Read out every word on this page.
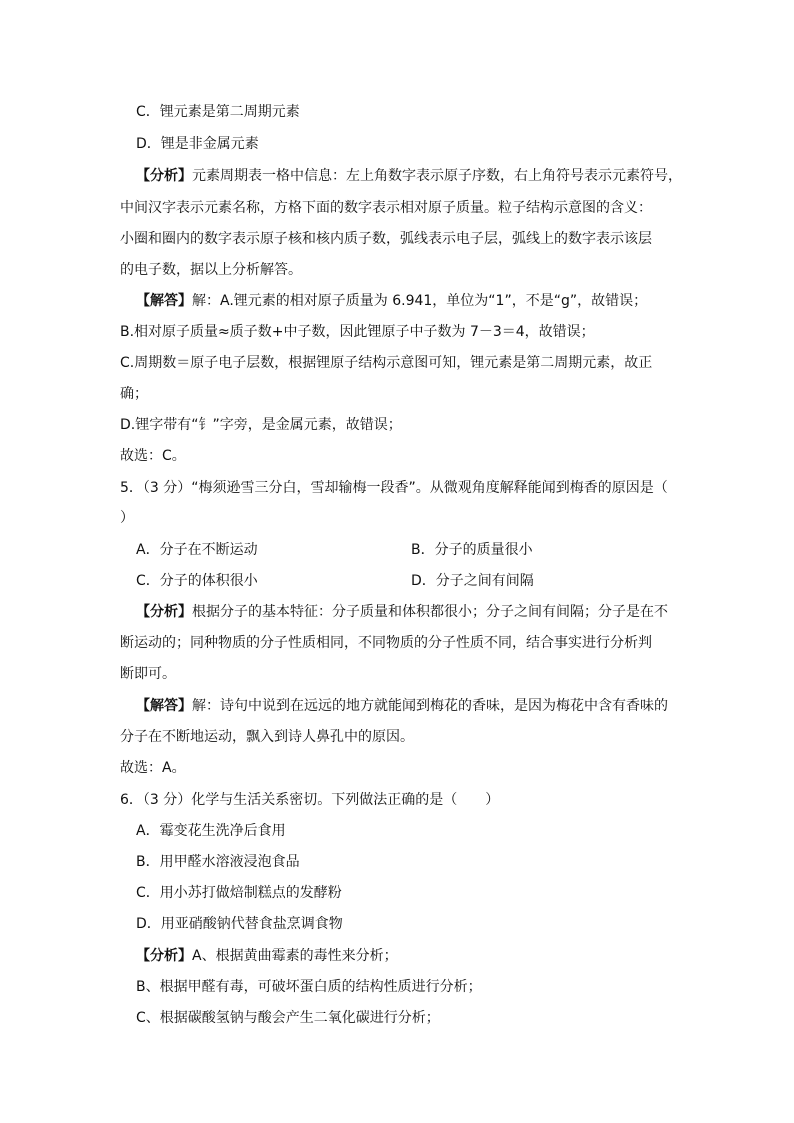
C．锂元素是第二周期元素
D．锂是非金属元素
【分析】元素周期表一格中信息：左上角数字表示原子序数，右上角符号表示元素符号，
中间汉字表示元素名称，方格下面的数字表示相对原子质量。粒子结构示意图的含义：
小圈和圈内的数字表示原子核和核内质子数，弧线表示电子层，弧线上的数字表示该层
的电子数，据以上分析解答。
【解答】解：A.锂元素的相对原子质量为 6.941，单位为“1”，不是“g”，故错误；
B.相对原子质量≈质子数+中子数，因此锂原子中子数为 7－3＝4，故错误；
C.周期数＝原子电子层数，根据锂原子结构示意图可知，锂元素是第二周期元素，故正
确；
D.锂字带有“钅”字旁，是金属元素，故错误；
故选：C。
5．（3 分）“梅须逊雪三分白，雪却输梅一段香”。从微观角度解释能闻到梅香的原因是（
）
A．分子在不断运动	B．分子的质量很小
C．分子的体积很小	D．分子之间有间隔
【分析】根据分子的基本特征：分子质量和体积都很小；分子之间有间隔；分子是在不
断运动的；同种物质的分子性质相同，不同物质的分子性质不同，结合事实进行分析判
断即可。
【解答】解：诗句中说到在远远的地方就能闻到梅花的香味，是因为梅花中含有香味的
分子在不断地运动，飘入到诗人鼻孔中的原因。
故选：A。
6．（3 分）化学与生活关系密切。下列做法正确的是（　　）
A．霉变花生洗净后食用
B．用甲醛水溶液浸泡食品
C．用小苏打做焙制糕点的发酵粉
D．用亚硝酸钠代替食盐烹调食物
【分析】A、根据黄曲霉素的毒性来分析；
B、根据甲醛有毒，可破坏蛋白质的结构性质进行分析；
C、根据碳酸氢钠与酸会产生二氧化碳进行分析；
